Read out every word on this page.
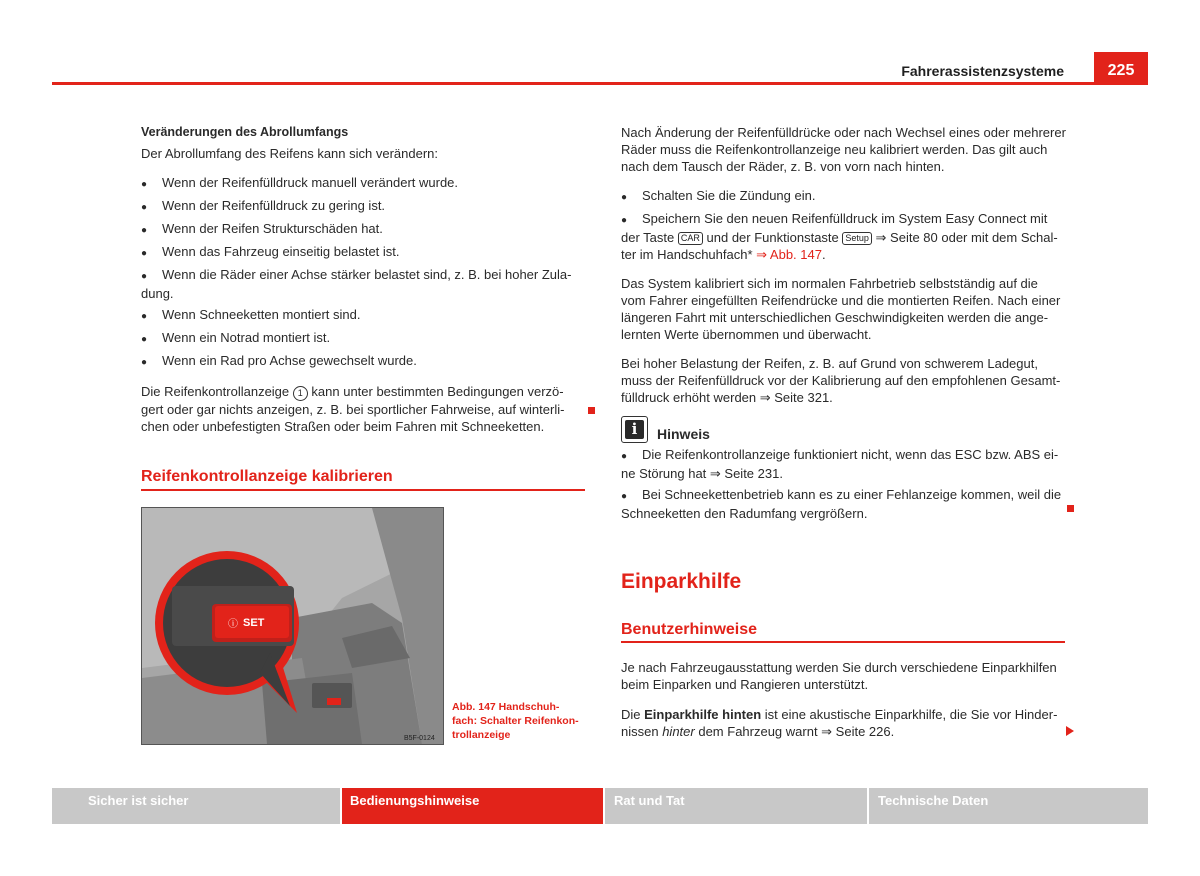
Fahrerassistenzsysteme	225

Veränderungen des Abrollumfangs

Der Abrollumfang des Reifens kann sich verändern:

● Wenn der Reifenfülldruck manuell verändert wurde.

● Wenn der Reifenfülldruck zu gering ist.

● Wenn der Reifen Strukturschäden hat.

● Wenn das Fahrzeug einseitig belastet ist.

● Wenn die Räder einer Achse stärker belastet sind, z. B. bei hoher Zula-

dung.

● Wenn Schneeketten montiert sind.

● Wenn ein Notrad montiert ist.

● Wenn ein Rad pro Achse gewechselt wurde.

Die Reifenkontrollanzeige 1 kann unter bestimmten Bedingungen verzö-
gert oder gar nichts anzeigen, z. B. bei sportlicher Fahrweise, auf winterli-
chen oder unbefestigten Straßen oder beim Fahren mit Schneeketten.
Reifenkontrollanzeige kalibrieren
ⓘ SET
B5F-0124
Abb. 147 Handschuh-
fach: Schalter Reifenkon-
trollanzeige
Nach Änderung der Reifenfülldrücke oder nach Wechsel eines oder mehrerer
Räder muss die Reifenkontrollanzeige neu kalibriert werden. Das gilt auch
nach dem Tausch der Räder, z. B. von vorn nach hinten.

● Schalten Sie die Zündung ein.

● Speichern Sie den neuen Reifenfülldruck im System Easy Connect mit
der Taste CAR und der Funktionstaste Setup ⇒ Seite 80 oder mit dem Schal-
ter im Handschuhfach* ⇒ Abb. 147.
Das System kalibriert sich im normalen Fahrbetrieb selbstständig auf die
vom Fahrer eingefüllten Reifendrücke und die montierten Reifen. Nach einer
längeren Fahrt mit unterschiedlichen Geschwindigkeiten werden die ange-
lernten Werte übernommen und überwacht.
Bei hoher Belastung der Reifen, z. B. auf Grund von schwerem Ladegut,
muss der Reifenfülldruck vor der Kalibrierung auf den empfohlenen Gesamt-
fülldruck erhöht werden ⇒ Seite 321.
i	Hinweis
● Die Reifenkontrollanzeige funktioniert nicht, wenn das ESC bzw. ABS ei-
ne Störung hat ⇒ Seite 231.
● Bei Schneekettenbetrieb kann es zu einer Fehlanzeige kommen, weil die
Schneeketten den Radumfang vergrößern.
Einparkhilfe
Benutzerhinweise
Je nach Fahrzeugausstattung werden Sie durch verschiedene Einparkhilfen
beim Einparken und Rangieren unterstützt.
Die Einparkhilfe hinten ist eine akustische Einparkhilfe, die Sie vor Hinder-
nissen hinter dem Fahrzeug warnt ⇒ Seite 226.
Sicher ist sicher	Bedienungshinweise	Rat und Tat	Technische Daten
